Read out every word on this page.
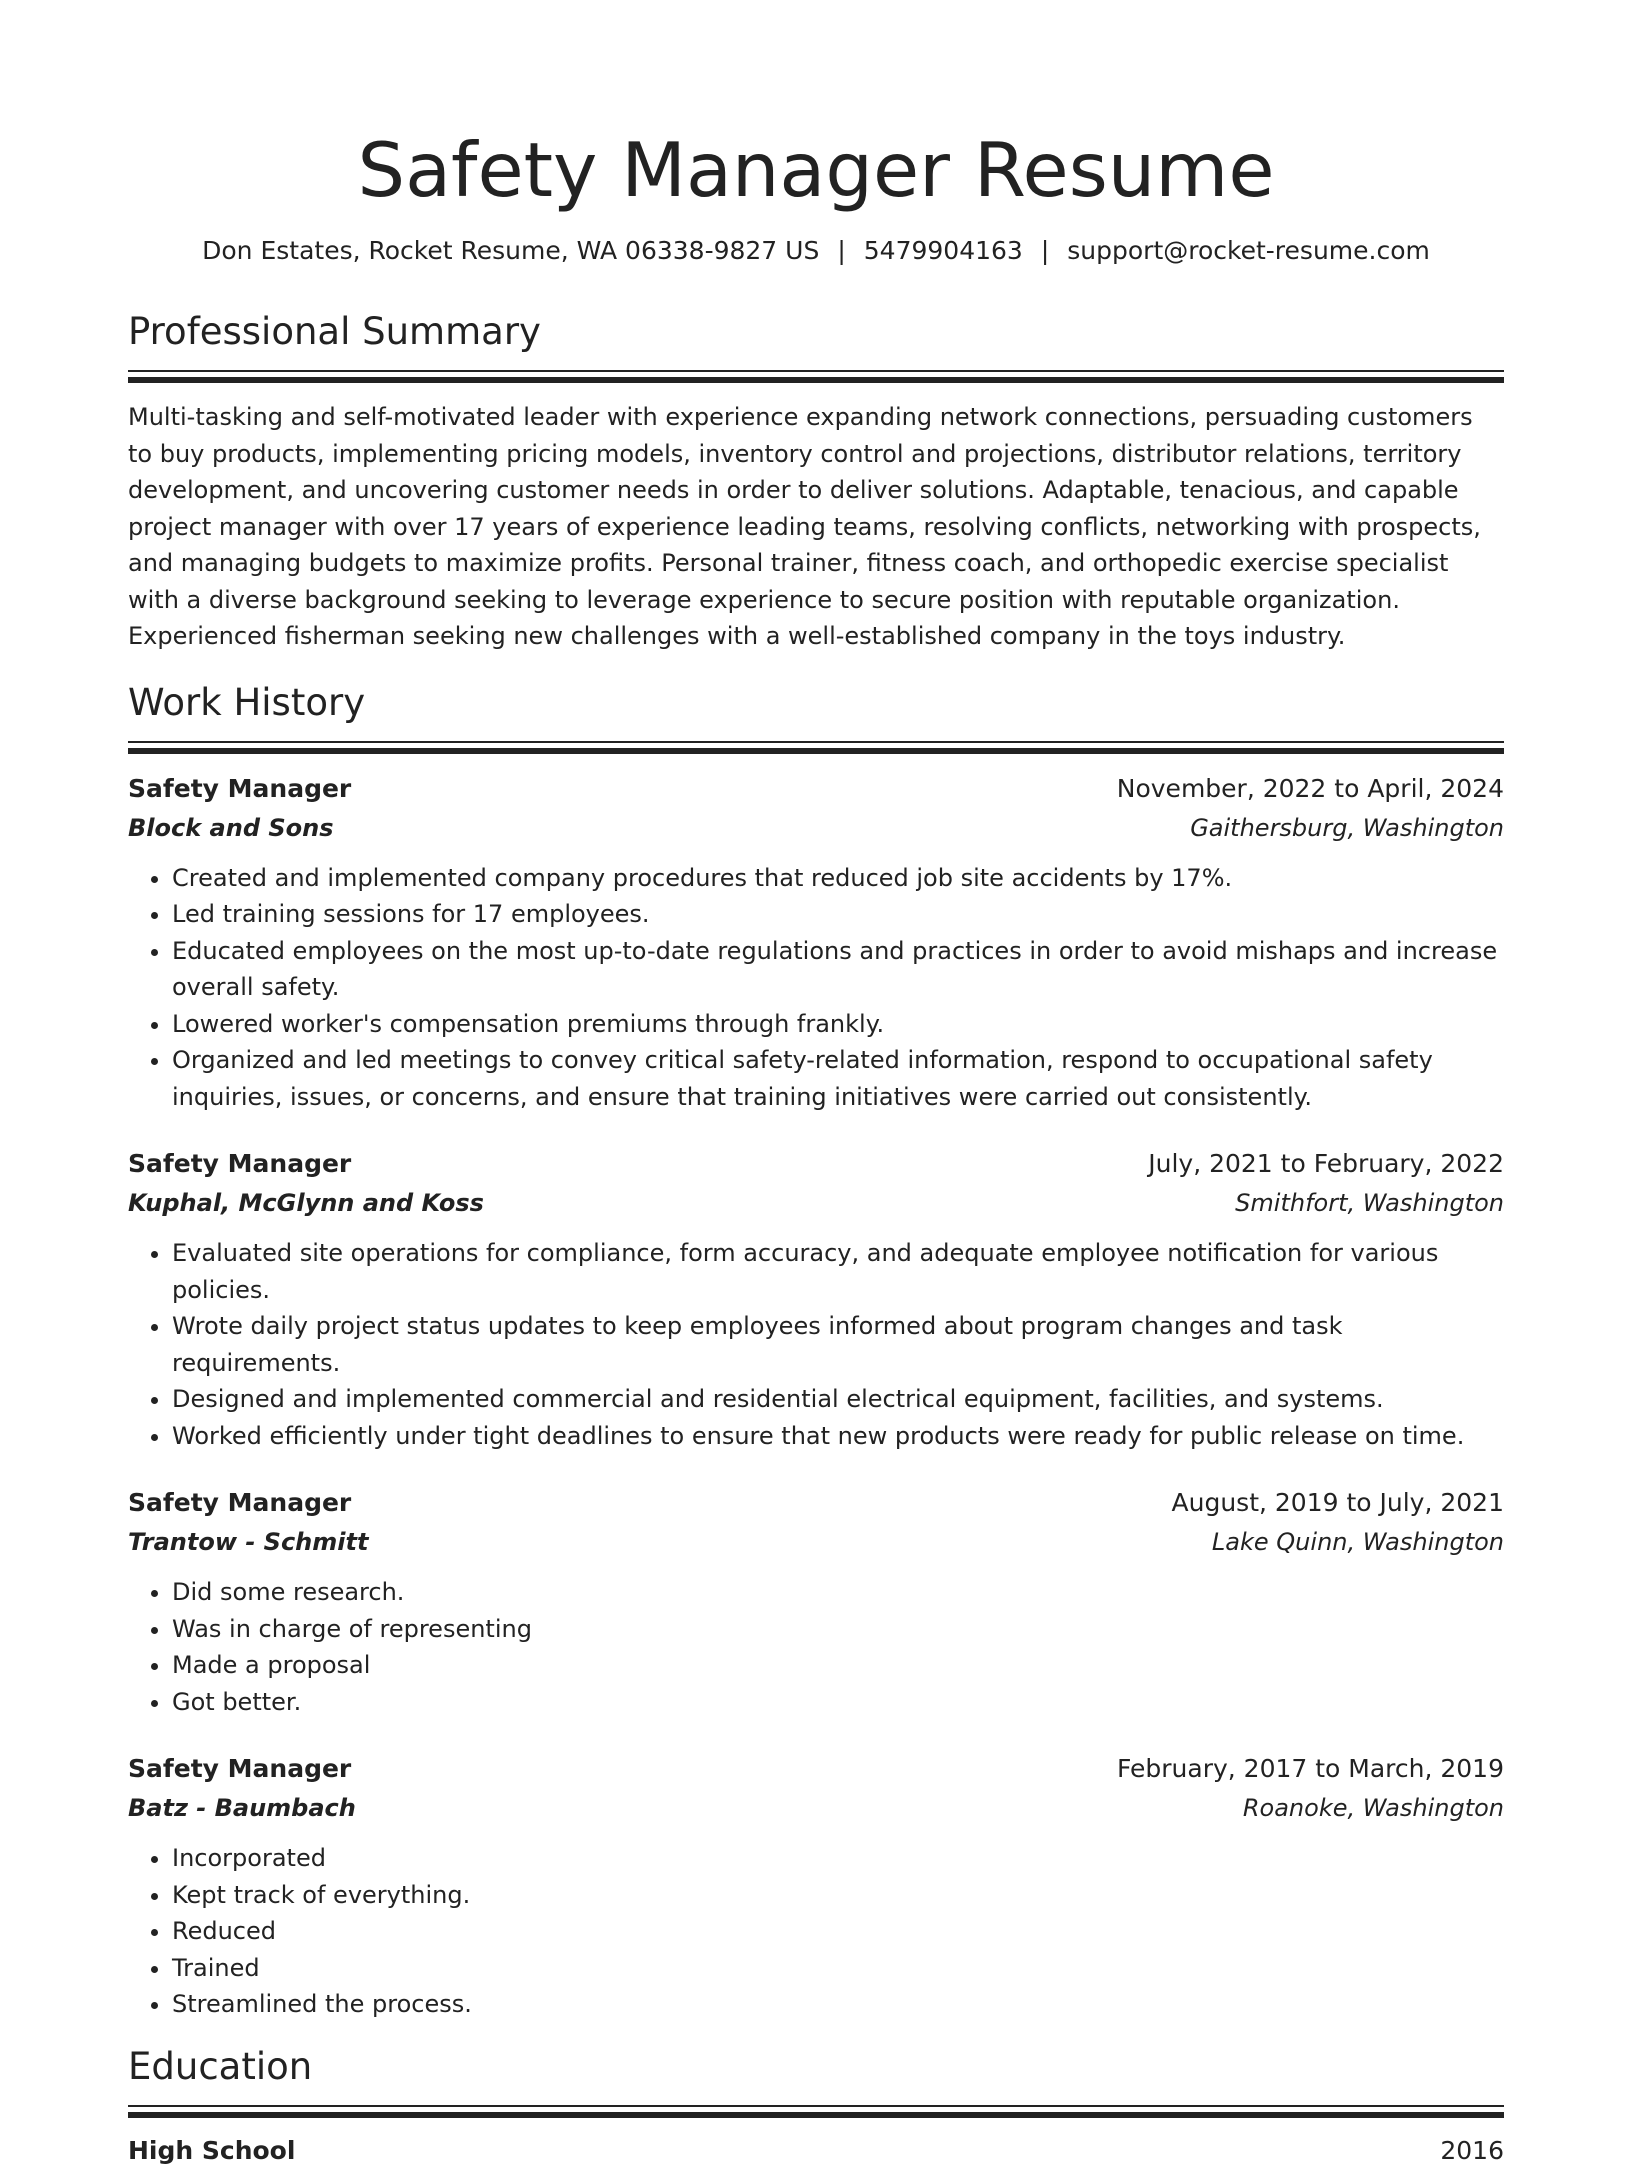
Safety Manager Resume
Don Estates, Rocket Resume, WA 06338-9827 US | 5479904163 | support@rocket-resume.com
Professional Summary
Multi-tasking and self-motivated leader with experience expanding network connections, persuading customers to buy products, implementing pricing models, inventory control and projections, distributor relations, territory development, and uncovering customer needs in order to deliver solutions. Adaptable, tenacious, and capable project manager with over 17 years of experience leading teams, resolving conflicts, networking with prospects, and managing budgets to maximize profits. Personal trainer, fitness coach, and orthopedic exercise specialist with a diverse background seeking to leverage experience to secure position with reputable organization. Experienced fisherman seeking new challenges with a well-established company in the toys industry.
Work History
Safety Manager	November, 2022 to April, 2024
Block and Sons	Gaithersburg, Washington
• Created and implemented company procedures that reduced job site accidents by 17%.
• Led training sessions for 17 employees.
• Educated employees on the most up-to-date regulations and practices in order to avoid mishaps and increase overall safety.
• Lowered worker's compensation premiums through frankly.
• Organized and led meetings to convey critical safety-related information, respond to occupational safety inquiries, issues, or concerns, and ensure that training initiatives were carried out consistently.
Safety Manager	July, 2021 to February, 2022
Kuphal, McGlynn and Koss	Smithfort, Washington
• Evaluated site operations for compliance, form accuracy, and adequate employee notification for various policies.
• Wrote daily project status updates to keep employees informed about program changes and task requirements.
• Designed and implemented commercial and residential electrical equipment, facilities, and systems.
• Worked efficiently under tight deadlines to ensure that new products were ready for public release on time.
Safety Manager	August, 2019 to July, 2021
Trantow - Schmitt	Lake Quinn, Washington
• Did some research.
• Was in charge of representing
• Made a proposal
• Got better.
Safety Manager	February, 2017 to March, 2019
Batz - Baumbach	Roanoke, Washington
• Incorporated
• Kept track of everything.
• Reduced
• Trained
• Streamlined the process.
Education
High School	2016
